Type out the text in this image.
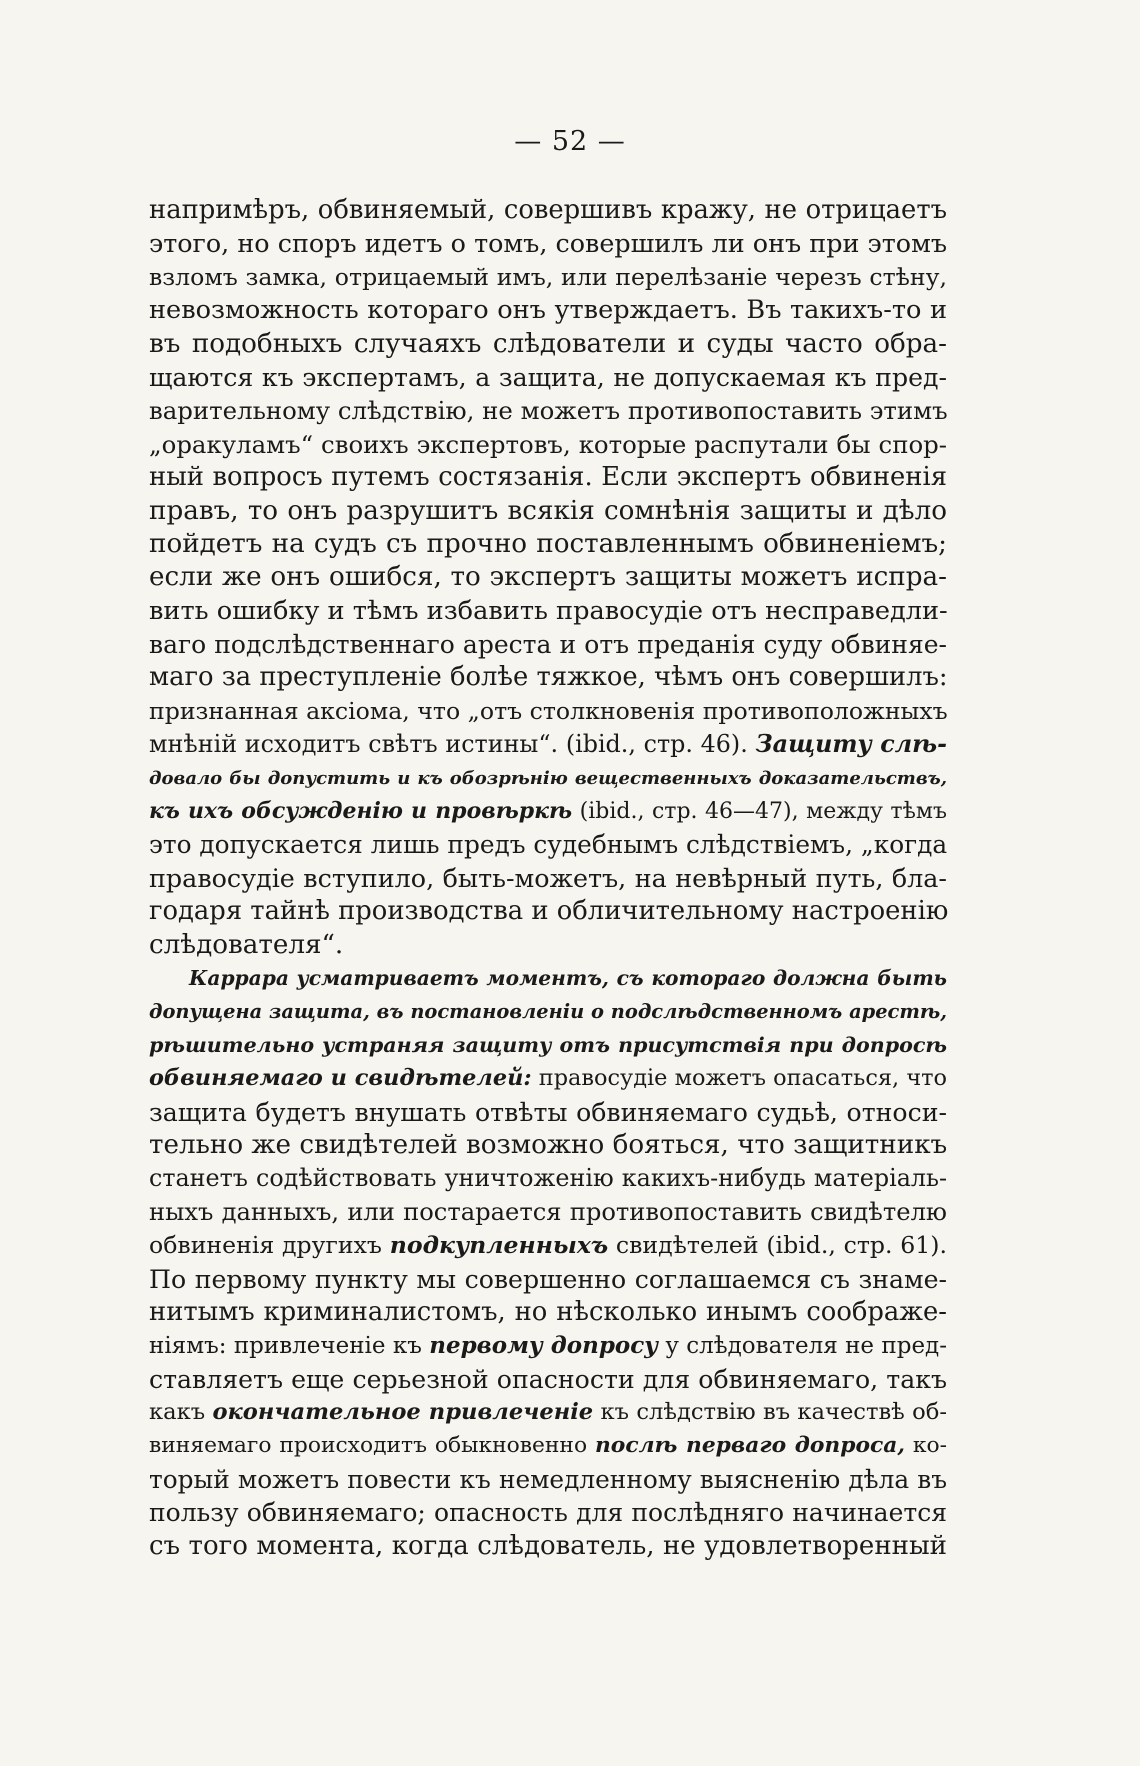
— 52 —
напримѣръ, обвиняемый, совершивъ кражу, не отрицаетъ
этого, но споръ идетъ о томъ, совершилъ ли онъ при этомъ
взломъ замка, отрицаемый имъ, или перелѣзаніе черезъ стѣну,
невозможность котораго онъ утверждаетъ. Въ такихъ-то и
въ подобныхъ случаяхъ слѣдователи и суды часто обра-
щаются къ экспертамъ, а защита, не допускаемая къ пред-
варительному слѣдствію, не можетъ противопоставить этимъ
„оракуламъ“ своихъ экспертовъ, которые распутали бы спор-
ный вопросъ путемъ состязанія. Если экспертъ обвиненія
правъ, то онъ разрушитъ всякія сомнѣнія защиты и дѣло
пойдетъ на судъ съ прочно поставленнымъ обвиненіемъ;
если же онъ ошибся, то экспертъ защиты можетъ испра-
вить ошибку и тѣмъ избавить правосудіе отъ несправедли-
ваго подслѣдственнаго ареста и отъ преданія суду обвиняе-
маго за преступленіе болѣе тяжкое, чѣмъ онъ совершилъ:
признанная аксіома, что „отъ столкновенія противоположныхъ
мнѣній исходитъ свѣтъ истины“. (ibid., стр. 46). Защиту слѣ-
довало бы допустить и къ обозрѣнію вещественныхъ доказательствъ,
къ ихъ обсужденію и провѣркѣ (ibid., стр. 46—47), между тѣмъ
это допускается лишь предъ судебнымъ слѣдствіемъ, „когда
правосудіе вступило, быть-можетъ, на невѣрный путь, бла-
годаря тайнѣ производства и обличительному настроенію
слѣдователя“.
Каррара усматриваетъ моментъ, съ котораго должна быть
допущена защита, въ постановленіи о подслѣдственномъ арестѣ,
рѣшительно устраняя защиту отъ присутствія при допросѣ
обвиняемаго и свидѣтелей: правосудіе можетъ опасаться, что
защита будетъ внушать отвѣты обвиняемаго судьѣ, относи-
тельно же свидѣтелей возможно бояться, что защитникъ
станетъ содѣйствовать уничтоженію какихъ-нибудь матеріаль-
ныхъ данныхъ, или постарается противопоставить свидѣтелю
обвиненія другихъ подкупленныхъ свидѣтелей (ibid., стр. 61).
По первому пункту мы совершенно соглашаемся съ знаме-
нитымъ криминалистомъ, но нѣсколько инымъ соображе-
ніямъ: привлеченіе къ первому допросу у слѣдователя не пред-
ставляетъ еще серьезной опасности для обвиняемаго, такъ
какъ окончательное привлеченіе къ слѣдствію въ качествѣ об-
виняемаго происходитъ обыкновенно послѣ перваго допроса, ко-
торый можетъ повести къ немедленному выясненію дѣла въ
пользу обвиняемаго; опасность для послѣдняго начинается
съ того момента, когда слѣдователь, не удовлетворенный
